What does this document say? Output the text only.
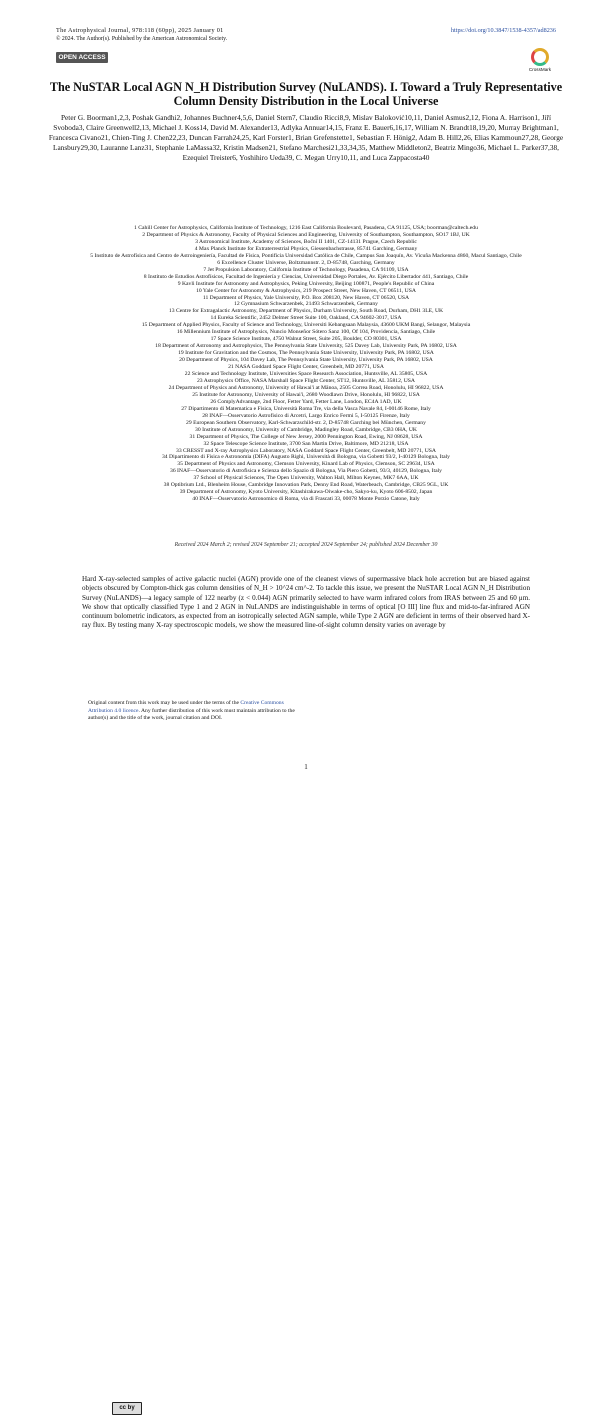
The Astrophysical Journal, 978:118 (60pp), 2025 January 01	https://doi.org/10.3847/1538-4357/ad8236
© 2024. The Author(s). Published by the American Astronomical Society.
OPEN ACCESS
CrossMark
The NuSTAR Local AGN N_H Distribution Survey (NuLANDS). I. Toward a Truly Representative Column Density Distribution in the Local Universe
Peter G. Boorman1,2,3, Poshak Gandhi2, Johannes Buchner4,5,6, Daniel Stern7, Claudio Ricci8,9, Mislav Baloković10,11, Daniel Asmus2,12, Fiona A. Harrison1, Jiří Svoboda3, Claire Greenwell2,13, Michael J. Koss14, David M. Alexander13, Adlyka Annuar14,15, Franz E. Bauer6,16,17, William N. Brandt18,19,20, Murray Brightman1, Francesca Civano21, Chien-Ting J. Chen22,23, Duncan Farrah24,25, Karl Forster1, Brian Grefenstette1, Sebastian F. Hönig2, Adam B. Hill2,26, Elias Kammoun27,28, George Lansbury29,30, Lauranne Lanz31, Stephanie LaMassa32, Kristin Madsen21, Stefano Marchesi21,33,34,35, Matthew Middleton2, Beatriz Mingo36, Michael L. Parker37,38, Ezequiel Treister6, Yoshihiro Ueda39, C. Megan Urry10,11, and Luca Zappacosta40
1 Cahill Center for Astrophysics, California Institute of Technology, 1216 East California Boulevard, Pasadena, CA 91125, USA; boorman@caltech.edu
2 Department of Physics & Astronomy, Faculty of Physical Sciences and Engineering, University of Southampton, Southampton, SO17 1BJ, UK
3 Astronomical Institute, Academy of Sciences, Boční II 1401, CZ-14131 Prague, Czech Republic
4 Max Planck Institute for Extraterrestrial Physics, Giessenbachstrasse, 85741 Garching, Germany
5 Instituto de Astrofísica and Centro de Astroingeniería, Facultad de Física, Pontificia Universidad Católica de Chile, Campus San Joaquín, Av. Vicuña Mackenna 4860, Macul Santiago, Chile
6 Excellence Cluster Universe, Boltzmannstr. 2, D-85748, Garching, Germany
7 Jet Propulsion Laboratory, California Institute of Technology, Pasadena, CA 91109, USA
8 Instituto de Estudios Astrofísicos, Facultad de Ingeniería y Ciencias, Universidad Diego Portales, Av. Ejército Libertador 441, Santiago, Chile
9 Kavli Institute for Astronomy and Astrophysics, Peking University, Beijing 100871, People's Republic of China
10 Yale Center for Astronomy & Astrophysics, 219 Prospect Street, New Haven, CT 06511, USA
11 Department of Physics, Yale University, P.O. Box 208120, New Haven, CT 06520, USA
12 Gymnasium Schwarzenbek, 21493 Schwarzenbek, Germany
13 Centre for Extragalactic Astronomy, Department of Physics, Durham University, South Road, Durham, DH1 3LE, UK
14 Eureka Scientific, 2452 Delmer Street Suite 100, Oakland, CA 94602-3017, USA
15 Department of Applied Physics, Faculty of Science and Technology, Universiti Kebangsaan Malaysia, 43600 UKM Bangi, Selangor, Malaysia
16 Millennium Institute of Astrophysics, Nuncio Monseñor Sótero Sanz 100, Of 104, Providencia, Santiago, Chile
17 Space Science Institute, 4750 Walnut Street, Suite 205, Boulder, CO 80301, USA
18 Department of Astronomy and Astrophysics, The Pennsylvania State University, 525 Davey Lab, University Park, PA 16802, USA
19 Institute for Gravitation and the Cosmos, The Pennsylvania State University, University Park, PA 16802, USA
20 Department of Physics, 104 Davey Lab, The Pennsylvania State University, University Park, PA 16802, USA
21 NASA Goddard Space Flight Center, Greenbelt, MD 20771, USA
22 Science and Technology Institute, Universities Space Research Association, Huntsville, AL 35805, USA
23 Astrophysics Office, NASA Marshall Space Flight Center, ST12, Huntsville, AL 35812, USA
24 Department of Physics and Astronomy, University of Hawai'i at Mānoa, 2505 Correa Road, Honolulu, HI 96822, USA
25 Institute for Astronomy, University of Hawai'i, 2680 Woodlawn Drive, Honolulu, HI 96822, USA
26 ComplyAdvantage, 2nd Floor, Fetter Yard, Fetter Lane, London, EC4A 1AD, UK
27 Dipartimento di Matematica e Fisica, Università Roma Tre, via della Vasca Navale 84, I-00146 Rome, Italy
28 INAF—Osservatorio Astrofisico di Arcetri, Largo Enrico Fermi 5, I-50125 Firenze, Italy
29 European Southern Observatory, Karl-Schwarzschild-str. 2, D-85748 Garching bei München, Germany
30 Institute of Astronomy, University of Cambridge, Madingley Road, Cambridge, CB3 0HA, UK
31 Department of Physics, The College of New Jersey, 2000 Pennington Road, Ewing, NJ 08628, USA
32 Space Telescope Science Institute, 3700 San Martin Drive, Baltimore, MD 21218, USA
33 CRESST and X-ray Astrophysics Laboratory, NASA Goddard Space Flight Center, Greenbelt, MD 20771, USA
34 Dipartimento di Fisica e Astronomia (DIFA) Augusto Righi, Università di Bologna, via Gobetti 93/2, I-40129 Bologna, Italy
35 Department of Physics and Astronomy, Clemson University, Kinard Lab of Physics, Clemson, SC 29634, USA
36 INAF—Osservatorio di Astrofisica e Scienza dello Spazio di Bologna, Via Piero Gobetti, 93/3, 40129, Bologna, Italy
37 School of Physical Sciences, The Open University, Walton Hall, Milton Keynes, MK7 6AA, UK
38 Optibrium Ltd., Blenheim House, Cambridge Innovation Park, Denny End Road, Waterbeach, Cambridge, CB25 9GL, UK
39 Department of Astronomy, Kyoto University, Kitashirakawa-Oiwake-cho, Sakyo-ku, Kyoto 606-8502, Japan
40 INAF—Osservatorio Astronomico di Roma, via di Frascati 33, 00078 Monte Porzio Catone, Italy
Received 2024 March 2; revised 2024 September 21; accepted 2024 September 24; published 2024 December 30
Hard X-ray-selected samples of active galactic nuclei (AGN) provide one of the cleanest views of supermassive black hole accretion but are biased against objects obscured by Compton-thick gas column densities of N_H > 10^24 cm^-2. To tackle this issue, we present the NuSTAR Local AGN N_H Distribution Survey (NuLANDS)—a legacy sample of 122 nearby (z < 0.044) AGN primarily selected to have warm infrared colors from IRAS between 25 and 60 μm. We show that optically classified Type 1 and 2 AGN in NuLANDS are indistinguishable in terms of optical [O III] line flux and mid-to-far-infrared AGN continuum bolometric indicators, as expected from an isotropically selected AGN sample, while Type 2 AGN are deficient in terms of their observed hard X-ray flux. By testing many X-ray spectroscopic models, we show the measured line-of-sight column density varies on average by
cc by
Original content from this work may be used under the terms of the Creative Commons Attribution 4.0 licence. Any further distribution of this work must maintain attribution to the author(s) and the title of the work, journal citation and DOI.
1
